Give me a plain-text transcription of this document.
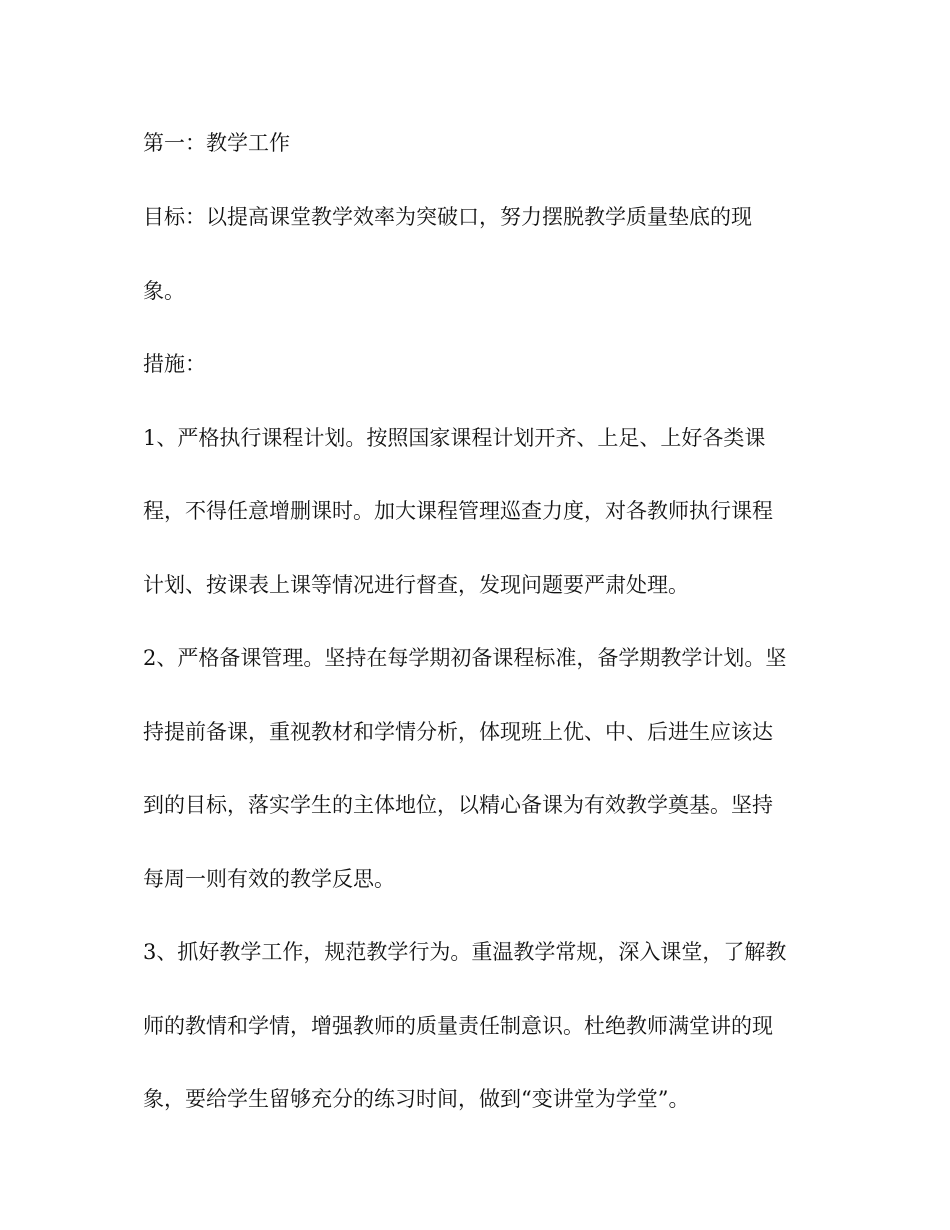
第一：教学工作

目标：以提高课堂教学效率为突破口，努力摆脱教学质量垫底的现

象。

措施：

1、严格执行课程计划。按照国家课程计划开齐、上足、上好各类课

程，不得任意增删课时。加大课程管理巡查力度，对各教师执行课程

计划、按课表上课等情况进行督查，发现问题要严肃处理。

2、严格备课管理。坚持在每学期初备课程标准，备学期教学计划。坚

持提前备课，重视教材和学情分析，体现班上优、中、后进生应该达

到的目标，落实学生的主体地位，以精心备课为有效教学奠基。坚持

每周一则有效的教学反思。

3、抓好教学工作，规范教学行为。重温教学常规，深入课堂，了解教

师的教情和学情，增强教师的质量责任制意识。杜绝教师满堂讲的现

象，要给学生留够充分的练习时间，做到“变讲堂为学堂”。
